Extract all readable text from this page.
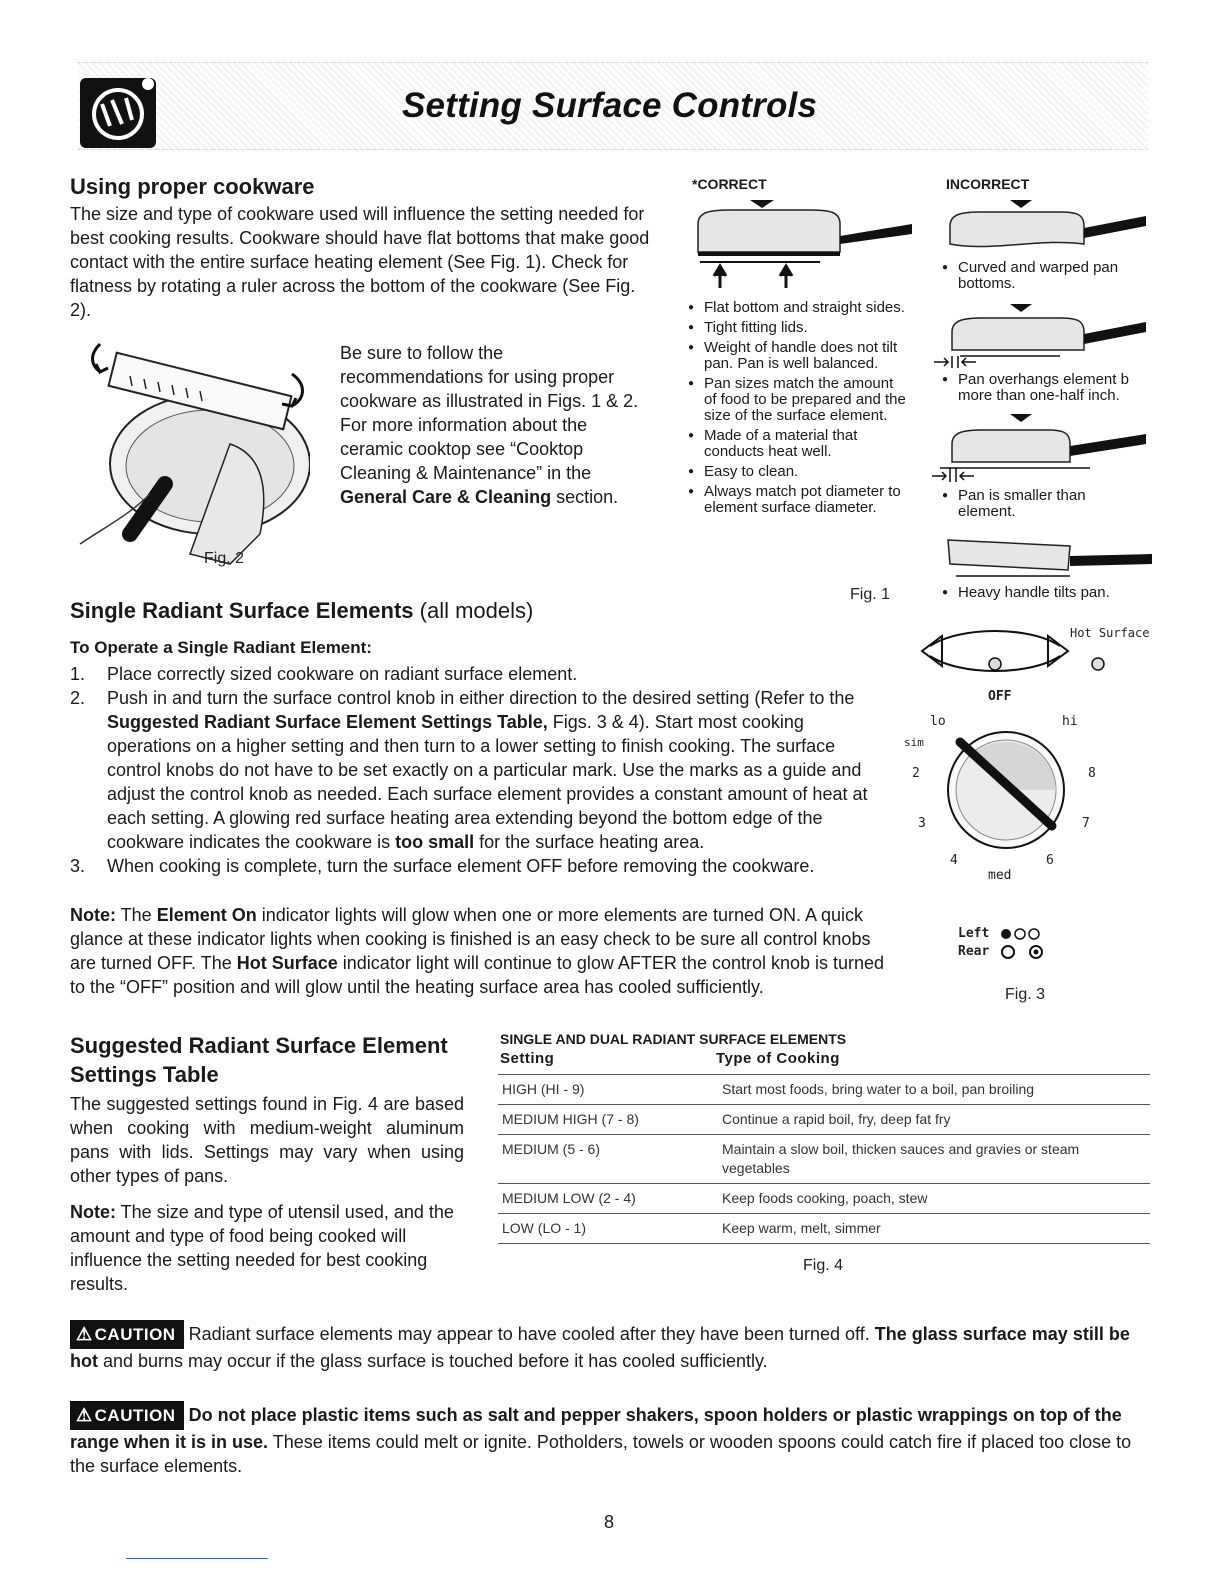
Setting Surface Controls
Using proper cookware
The size and type of cookware used will influence the setting needed for best cooking results. Cookware should have flat bottoms that make good contact with the entire surface heating element (See Fig. 1). Check for flatness by rotating a ruler across the bottom of the cookware (See Fig. 2).
Fig. 2
Be sure to follow the recommendations for using proper cookware as illustrated in Figs. 1 & 2. For more information about the ceramic cooktop see “Cooktop Cleaning & Maintenance” in the General Care & Cleaning section.
*CORRECT	INCORRECT
● Flat bottom and straight sides.
● Tight fitting lids.
● Weight of handle does not tilt pan. Pan is well balanced.
● Pan sizes match the amount of food to be prepared and the size of the surface element.
● Made of a material that conducts heat well.
● Easy to clean.
● Always match pot diameter to element surface diameter.
Fig. 1
● Curved and warped pan bottoms.
● Pan overhangs element b more than one-half inch.
● Pan is smaller than element.
● Heavy handle tilts pan.
Single Radiant Surface Elements (all models)
To Operate a Single Radiant Element:
1. Place correctly sized cookware on radiant surface element.
2. Push in and turn the surface control knob in either direction to the desired setting (Refer to the Suggested Radiant Surface Element Settings Table, Figs. 3 & 4). Start most cooking operations on a higher setting and then turn to a lower setting to finish cooking. The surface control knobs do not have to be set exactly on a particular mark. Use the marks as a guide and adjust the control knob as needed. Each surface element provides a constant amount of heat at each setting. A glowing red surface heating area extending beyond the bottom edge of the cookware indicates the cookware is too small for the surface heating area.
3. When cooking is complete, turn the surface element OFF before removing the cookware.
Note: The Element On indicator lights will glow when one or more elements are turned ON. A quick glance at these indicator lights when cooking is finished is an easy check to be sure all control knobs are turned OFF. The Hot Surface indicator light will continue to glow AFTER the control knob is turned to the “OFF” position and will glow until the heating surface area has cooled sufficiently.
Hot Surface
OFF
lo	hi
sim
2	8
3	7
4	6
med
Left
Rear
Fig. 3
Suggested Radiant Surface Element Settings Table
The suggested settings found in Fig. 4 are based when cooking with medium-weight aluminum pans with lids. Settings may vary when using other types of pans.
Note: The size and type of utensil used, and the amount and type of food being cooked will influence the setting needed for best cooking results.
SINGLE AND DUAL RADIANT SURFACE ELEMENTS
Setting	Type of Cooking
HIGH (HI - 9)	Start most foods, bring water to a boil, pan broiling
MEDIUM HIGH (7 - 8)	Continue a rapid boil, fry, deep fat fry
MEDIUM (5 - 6)	Maintain a slow boil, thicken sauces and gravies or steam vegetables
MEDIUM LOW (2 - 4)	Keep foods cooking, poach, stew
LOW (LO - 1)	Keep warm, melt, simmer
Fig. 4
⚠ CAUTION Radiant surface elements may appear to have cooled after they have been turned off. The glass surface may still be hot and burns may occur if the glass surface is touched before it has cooled sufficiently.
⚠ CAUTION Do not place plastic items such as salt and pepper shakers, spoon holders or plastic wrappings on top of the range when it is in use. These items could melt or ignite. Potholders, towels or wooden spoons could catch fire if placed too close to the surface elements.
8
